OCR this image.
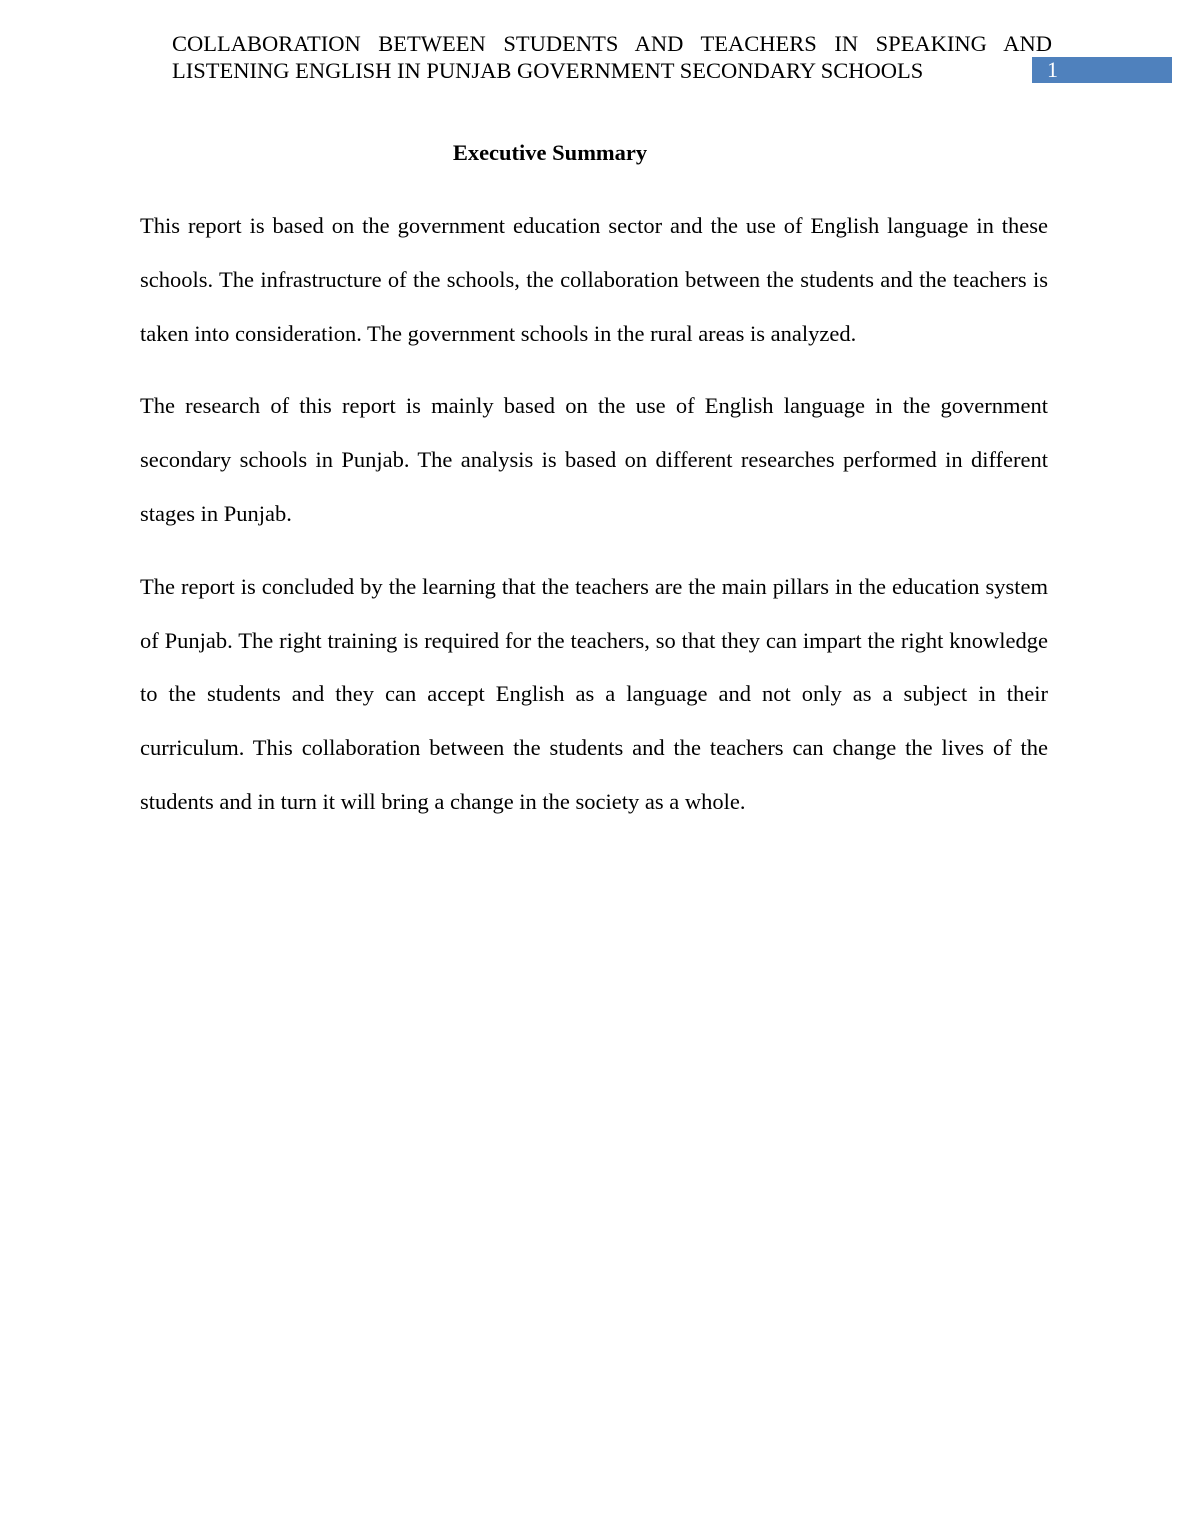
COLLABORATION BETWEEN STUDENTS AND TEACHERS IN SPEAKING AND LISTENING ENGLISH IN PUNJAB GOVERNMENT SECONDARY SCHOOLS	1
Executive Summary

This report is based on the government education sector and the use of English language in these schools. The infrastructure of the schools, the collaboration between the students and the teachers is taken into consideration. The government schools in the rural areas is analyzed.

The research of this report is mainly based on the use of English language in the government secondary schools in Punjab. The analysis is based on different researches performed in different stages in Punjab.

The report is concluded by the learning that the teachers are the main pillars in the education system of Punjab. The right training is required for the teachers, so that they can impart the right knowledge to the students and they can accept English as a language and not only as a subject in their curriculum. This collaboration between the students and the teachers can change the lives of the students and in turn it will bring a change in the society as a whole.
